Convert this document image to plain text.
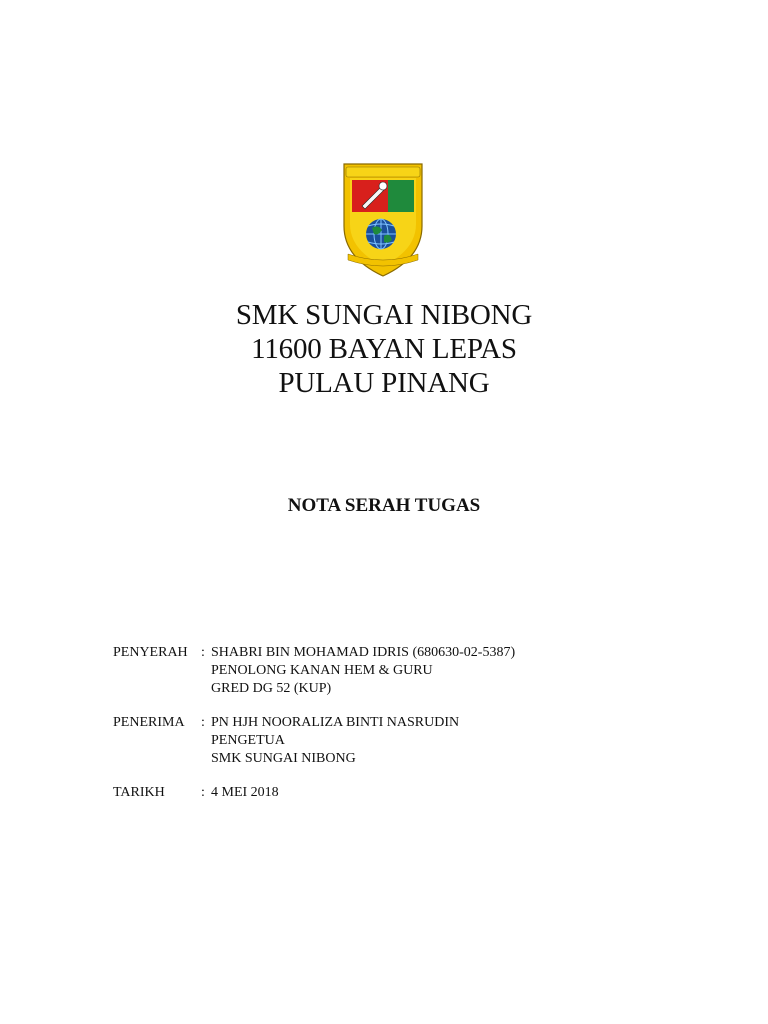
SMK SUNGAI NIBONG
11600 BAYAN LEPAS
PULAU PINANG
NOTA SERAH TUGAS
PENYERAH : SHABRI BIN MOHAMAD IDRIS (680630-02-5387)
PENOLONG KANAN HEM & GURU
GRED DG 52 (KUP)
PENERIMA	: PN HJH NOORALIZA BINTI NASRUDIN
PENGETUA
SMK SUNGAI NIBONG
TARIKH	: 4 MEI 2018
